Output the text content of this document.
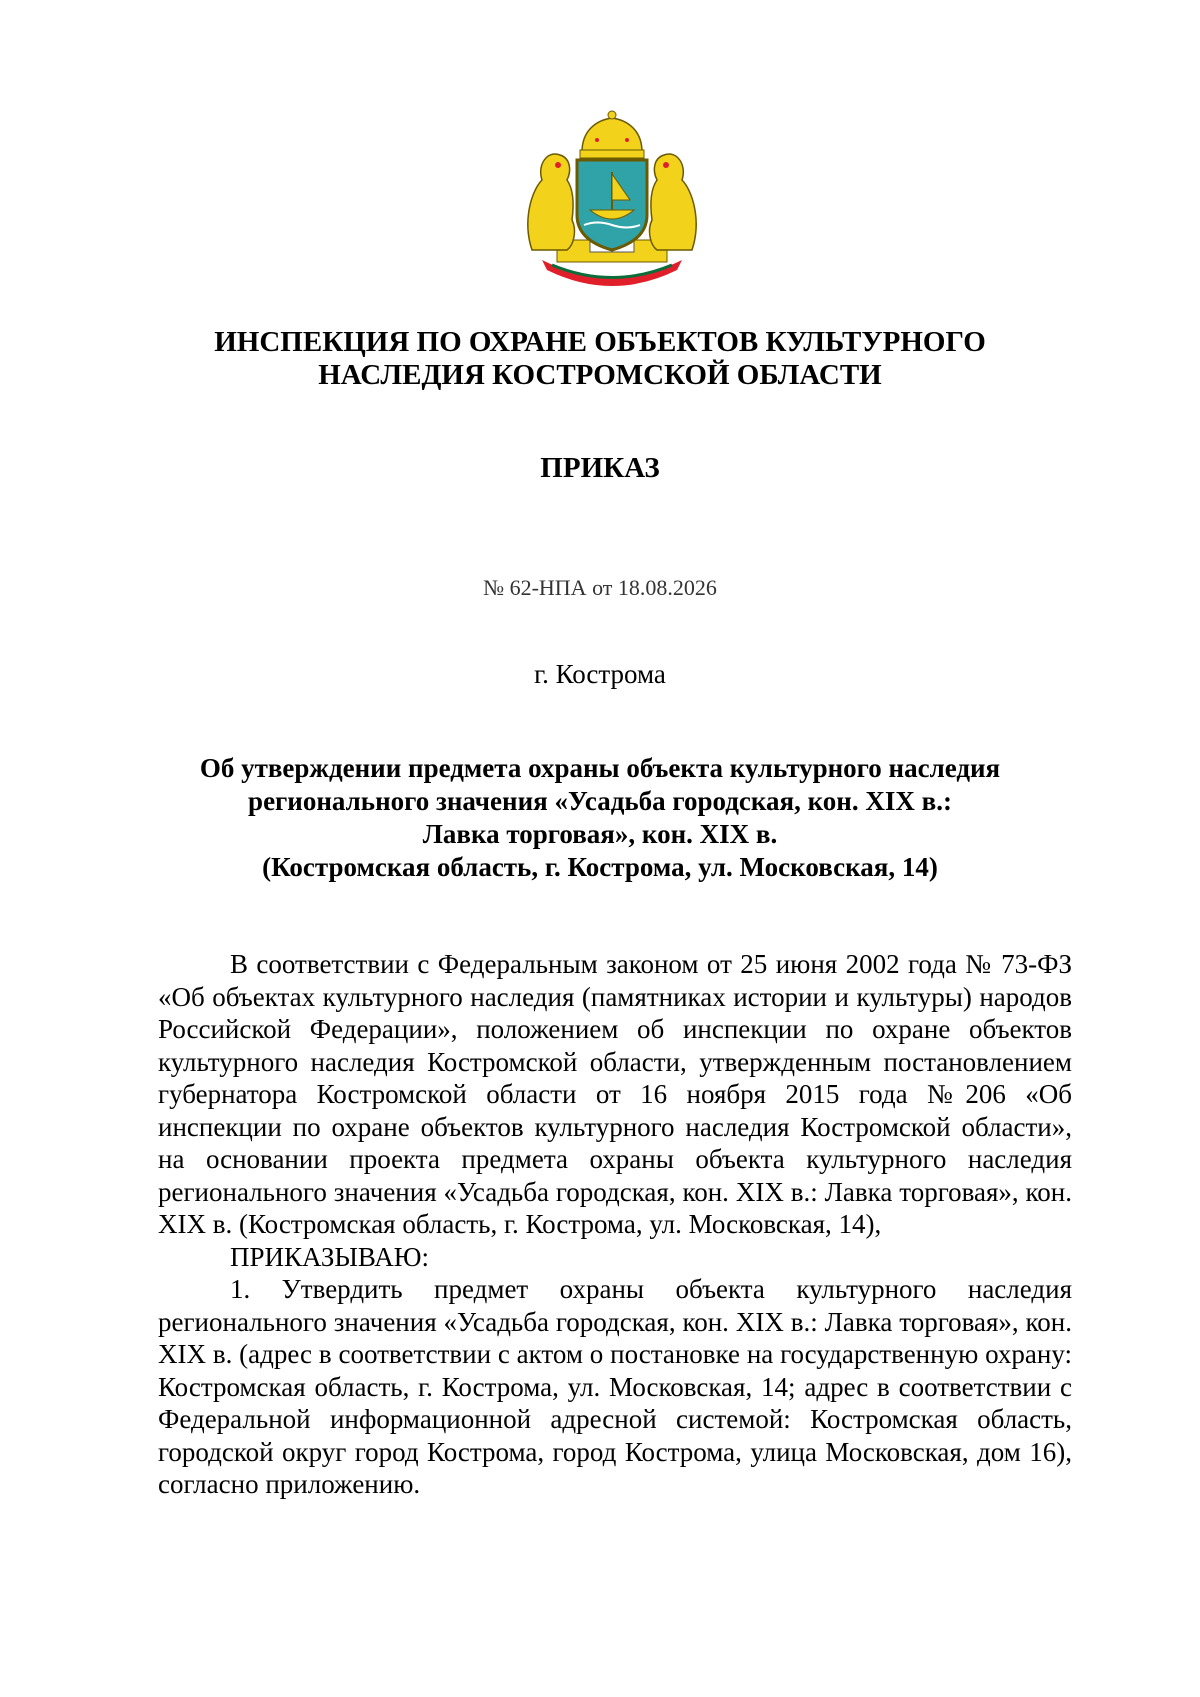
ИНСПЕКЦИЯ ПО ОХРАНЕ ОБЪЕКТОВ КУЛЬТУРНОГО
НАСЛЕДИЯ КОСТРОМСКОЙ ОБЛАСТИ
ПРИКАЗ
№ 62-НПА от 18.08.2026
г. Кострома
Об утверждении предмета охраны объекта культурного наследия
регионального значения «Усадьба городская, кон. XIX в.:
Лавка торговая», кон. XIX в.
(Костромская область, г. Кострома, ул. Московская, 14)

В соответствии с Федеральным законом от 25 июня 2002 года № 73-ФЗ «Об объектах культурного наследия (памятниках истории и культуры) народов Российской Федерации», положением об инспекции по охране объектов культурного наследия Костромской области, утвержденным постановлением губернатора Костромской области от 16 ноября 2015 года №206 «Об инспекции по охране объектов культурного наследия Костромской области», на основании проекта предмета охраны объекта культурного наследия регионального значения «Усадьба городская, кон. XIX в.: Лавка торговая», кон. XIX в. (Костромская область, г. Кострома, ул. Московская, 14),

ПРИКАЗЫВАЮ:

1. Утвердить предмет охраны объекта культурного наследия регионального значения «Усадьба городская, кон. XIX в.: Лавка торговая», кон. XIX в. (адрес в соответствии с актом о постановке на государственную охрану: Костромская область, г. Кострома, ул. Московская, 14; адрес в соответствии с Федеральной информационной адресной системой: Костромская область, городской округ город Кострома, город Кострома, улица Московская, дом 16), согласно приложению.
